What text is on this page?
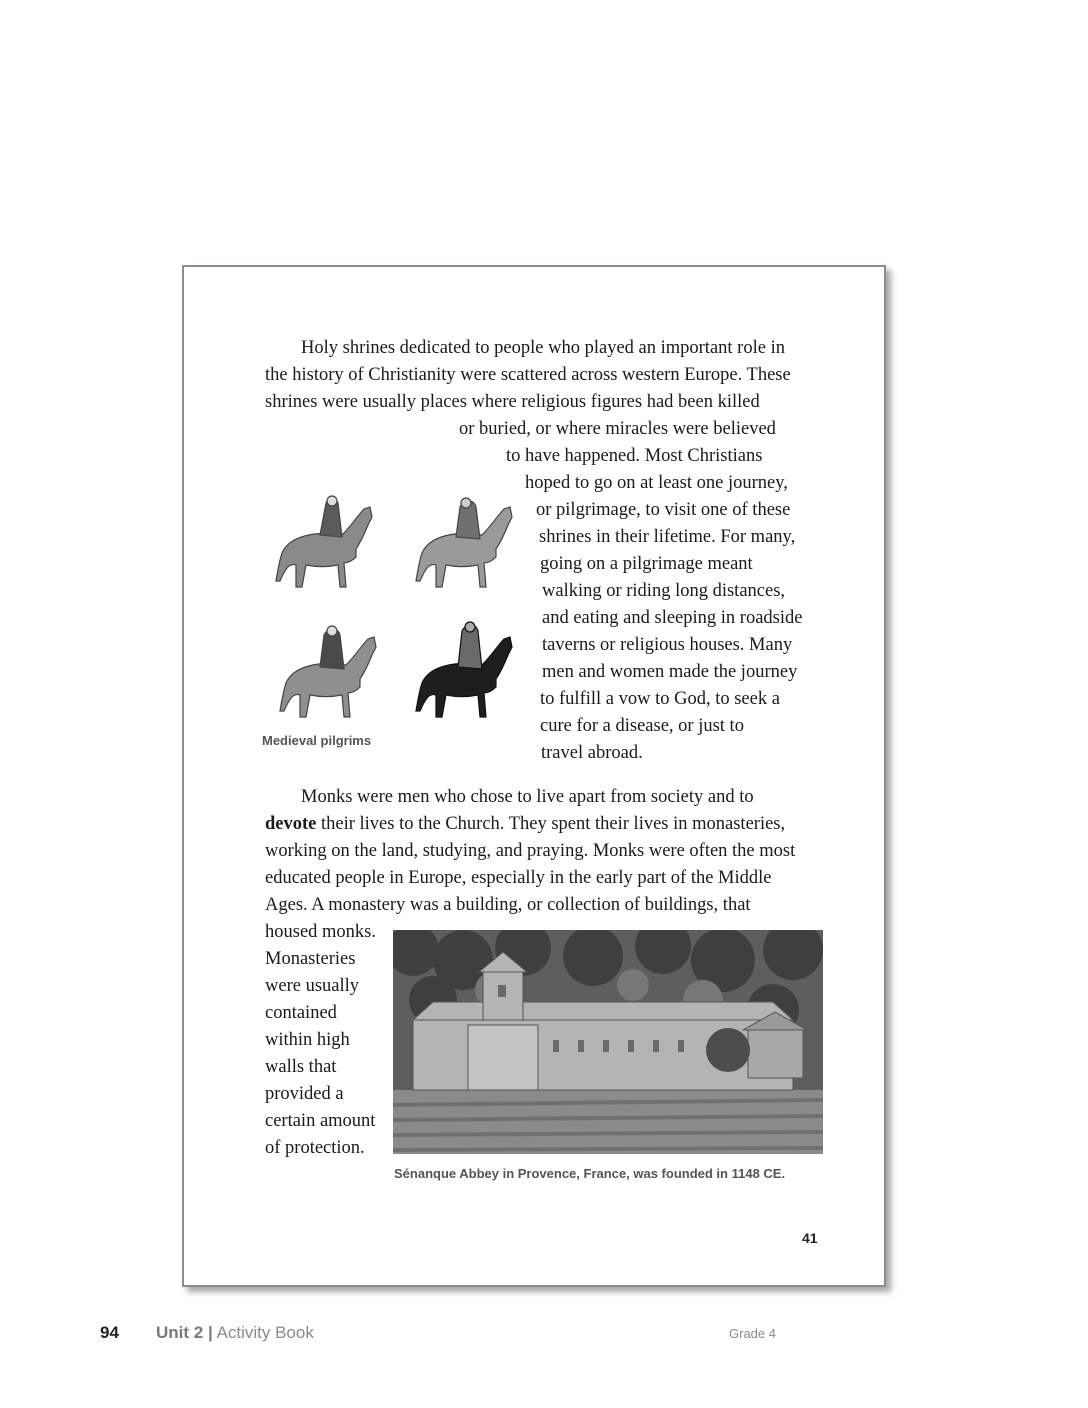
Holy shrines dedicated to people who played an important role in
the history of Christianity were scattered across western Europe. These
shrines were usually places where religious figures had been killed
or buried, or where miracles were believed
to have happened. Most Christians
hoped to go on at least one journey,
or pilgrimage, to visit one of these
shrines in their lifetime. For many,
going on a pilgrimage meant
walking or riding long distances,
and eating and sleeping in roadside
taverns or religious houses. Many
men and women made the journey
to fulfill a vow to God, to seek a
cure for a disease, or just to
travel abroad.
Medieval pilgrims
Monks were men who chose to live apart from society and to
devote their lives to the Church. They spent their lives in monasteries,
working on the land, studying, and praying. Monks were often the most
educated people in Europe, especially in the early part of the Middle
Ages. A monastery was a building, or collection of buildings, that
housed monks.
Monasteries
were usually
contained
within high
walls that
provided a
certain amount
of protection.
Sénanque Abbey in Provence, France, was founded in 1148 CE.
41
94 Unit 2 | Activity Book	Grade 4
